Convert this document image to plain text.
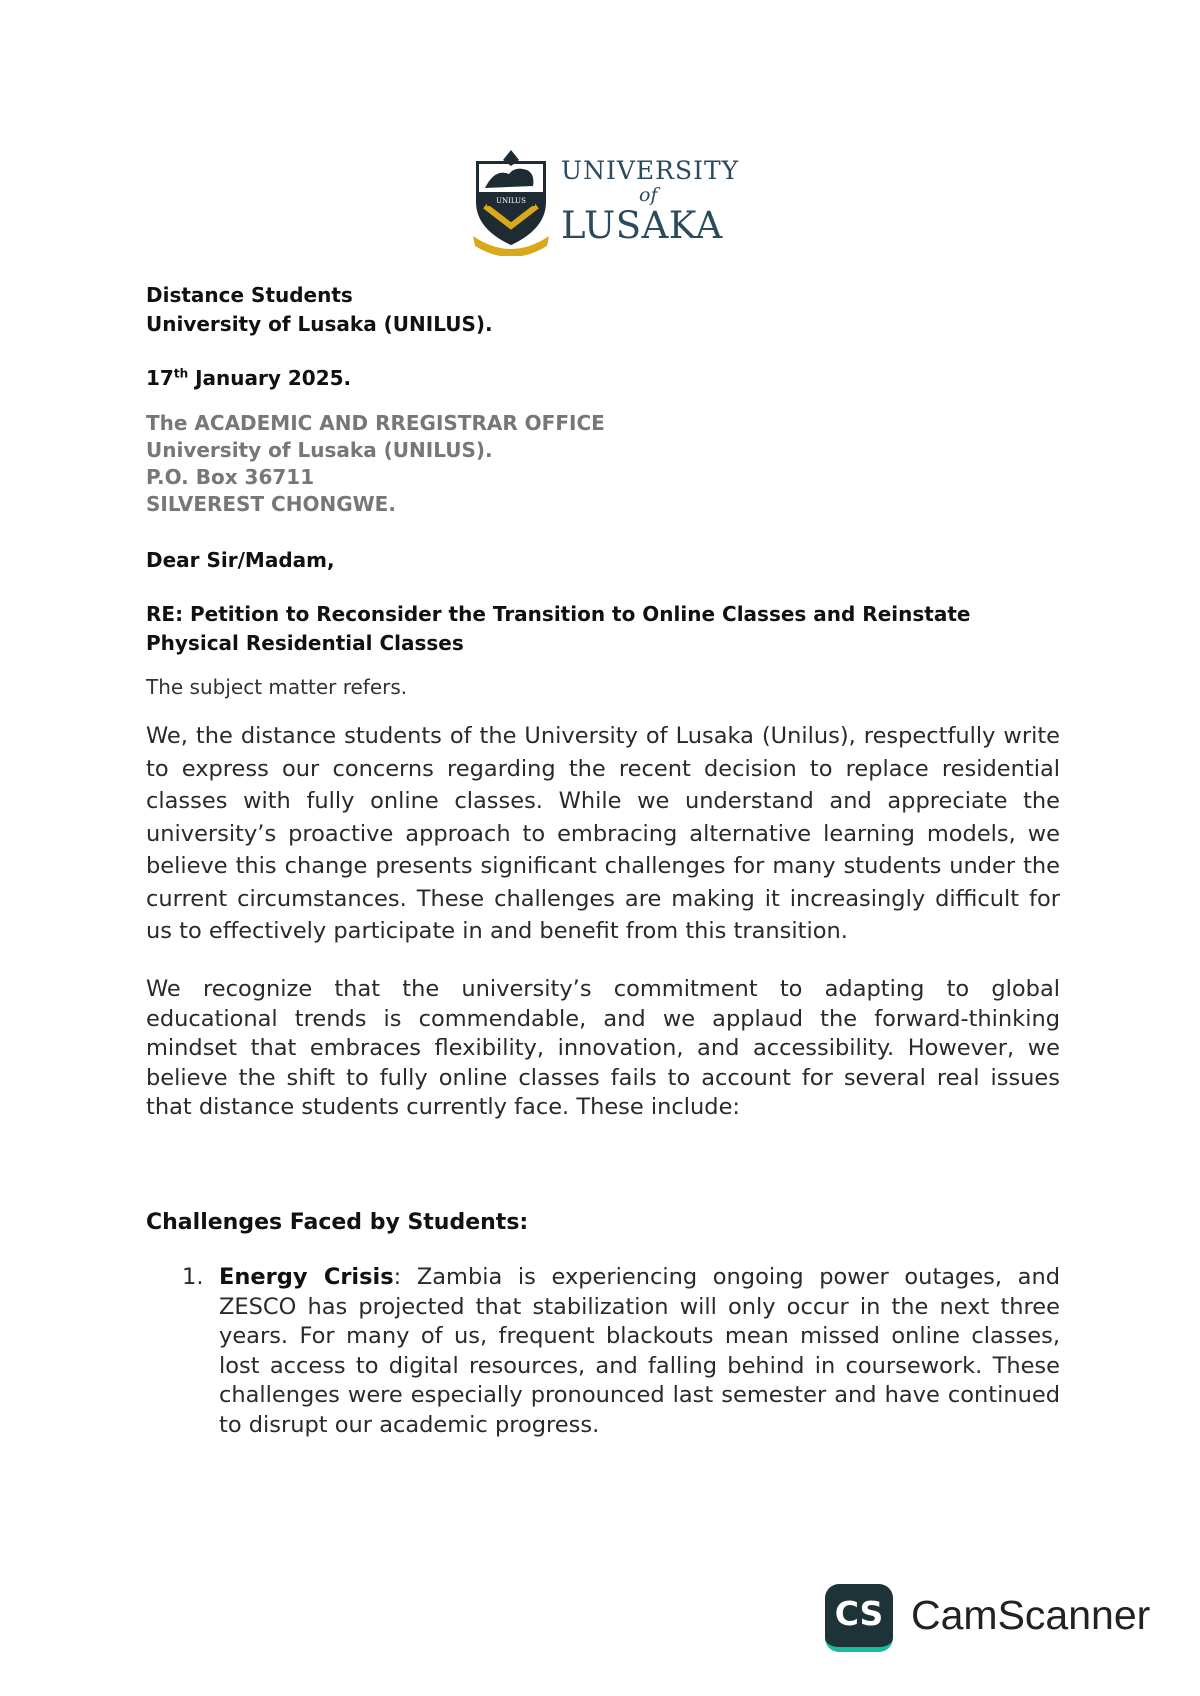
UNILUS
UNIVERSITY
of
LUSAKA
Distance Students
University of Lusaka (UNILUS).
17th January 2025.
The ACADEMIC AND RREGISTRAR OFFICE
University of Lusaka (UNILUS).
P.O. Box 36711
SILVEREST CHONGWE.
Dear Sir/Madam,
RE: Petition to Reconsider the Transition to Online Classes and Reinstate Physical Residential Classes
The subject matter refers.
We, the distance students of the University of Lusaka (Unilus), respectfully write to express our concerns regarding the recent decision to replace residential classes with fully online classes. While we understand and appreciate the university’s proactive approach to embracing alternative learning models, we believe this change presents significant challenges for many students under the current circumstances. These challenges are making it increasingly difficult for us to effectively participate in and benefit from this transition.
We recognize that the university’s commitment to adapting to global educational trends is commendable, and we applaud the forward-thinking mindset that embraces flexibility, innovation, and accessibility. However, we believe the shift to fully online classes fails to account for several real issues that distance students currently face. These include:
Challenges Faced by Students:
1. Energy Crisis: Zambia is experiencing ongoing power outages, and ZESCO has projected that stabilization will only occur in the next three years. For many of us, frequent blackouts mean missed online classes, lost access to digital resources, and falling behind in coursework. These challenges were especially pronounced last semester and have continued to disrupt our academic progress.
CS CamScanner
